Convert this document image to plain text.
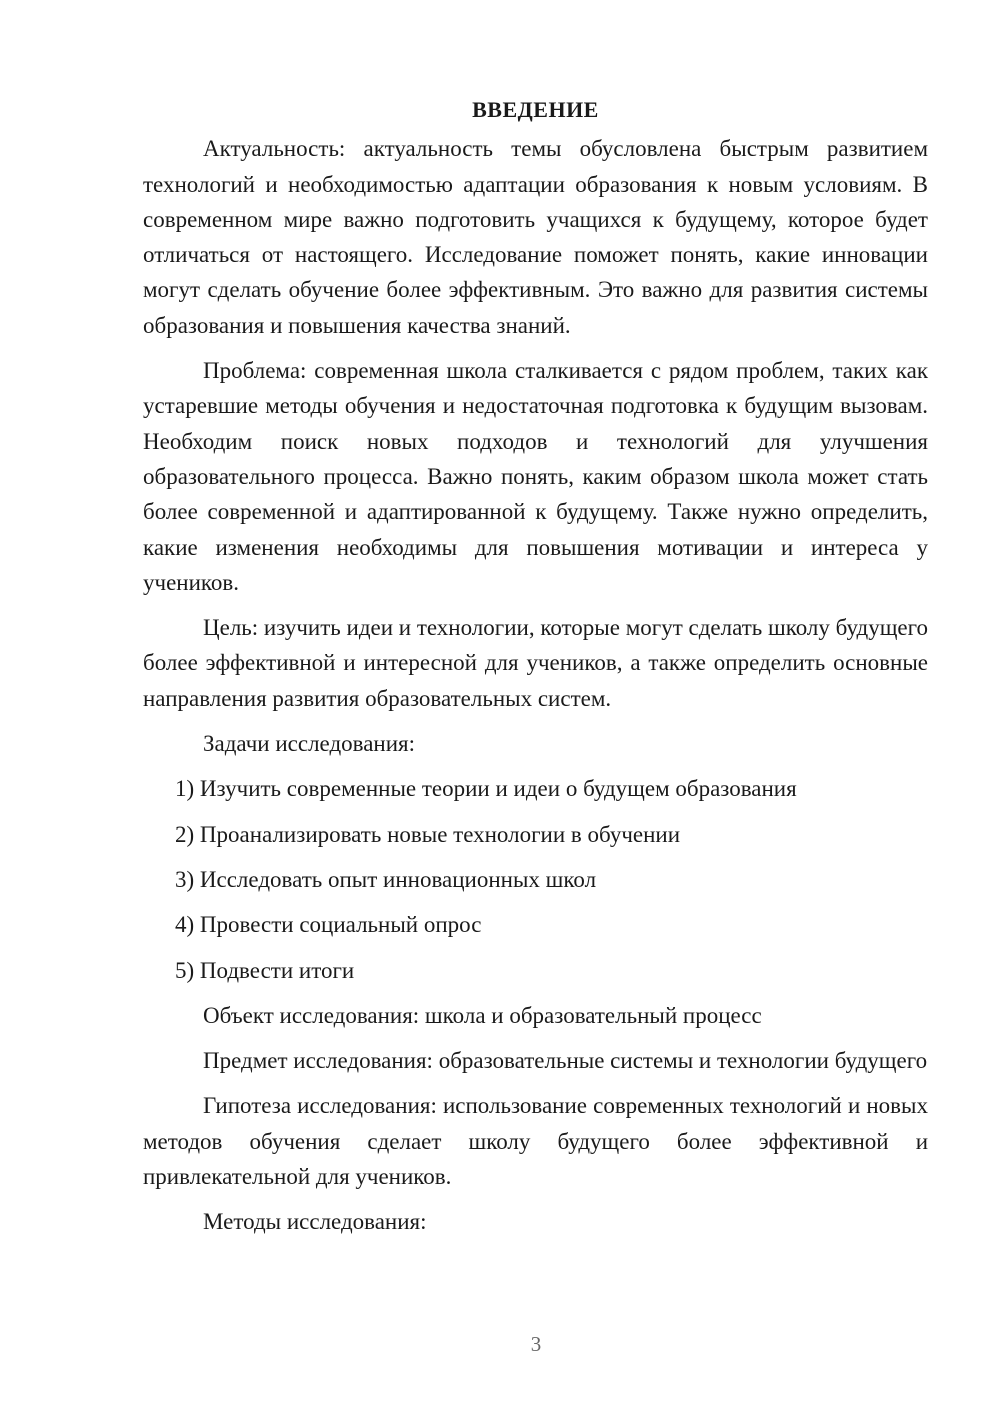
ВВЕДЕНИЕ

Актуальность: актуальность темы обусловлена быстрым развитием технологий и необходимостью адаптации образования к новым условиям. В современном мире важно подготовить учащихся к будущему, которое будет отличаться от настоящего. Исследование поможет понять, какие инновации могут сделать обучение более эффективным. Это важно для развития системы образования и повышения качества знаний.

Проблема: современная школа сталкивается с рядом проблем, таких как устаревшие методы обучения и недостаточная подготовка к будущим вызовам. Необходим поиск новых подходов и технологий для улучшения образовательного процесса. Важно понять, каким образом школа может стать более современной и адаптированной к будущему. Также нужно определить, какие изменения необходимы для повышения мотивации и интереса у учеников.

Цель: изучить идеи и технологии, которые могут сделать школу будущего более эффективной и интересной для учеников, а также определить основные направления развития образовательных систем.

Задачи исследования:

1) Изучить современные теории и идеи о будущем образования
2) Проанализировать новые технологии в обучении
3) Исследовать опыт инновационных школ
4) Провести социальный опрос
5) Подвести итоги

Объект исследования: школа и образовательный процесс

Предмет исследования: образовательные системы и технологии будущего

Гипотеза исследования: использование современных технологий и новых методов обучения сделает школу будущего более эффективной и привлекательной для учеников.

Методы исследования:

3
